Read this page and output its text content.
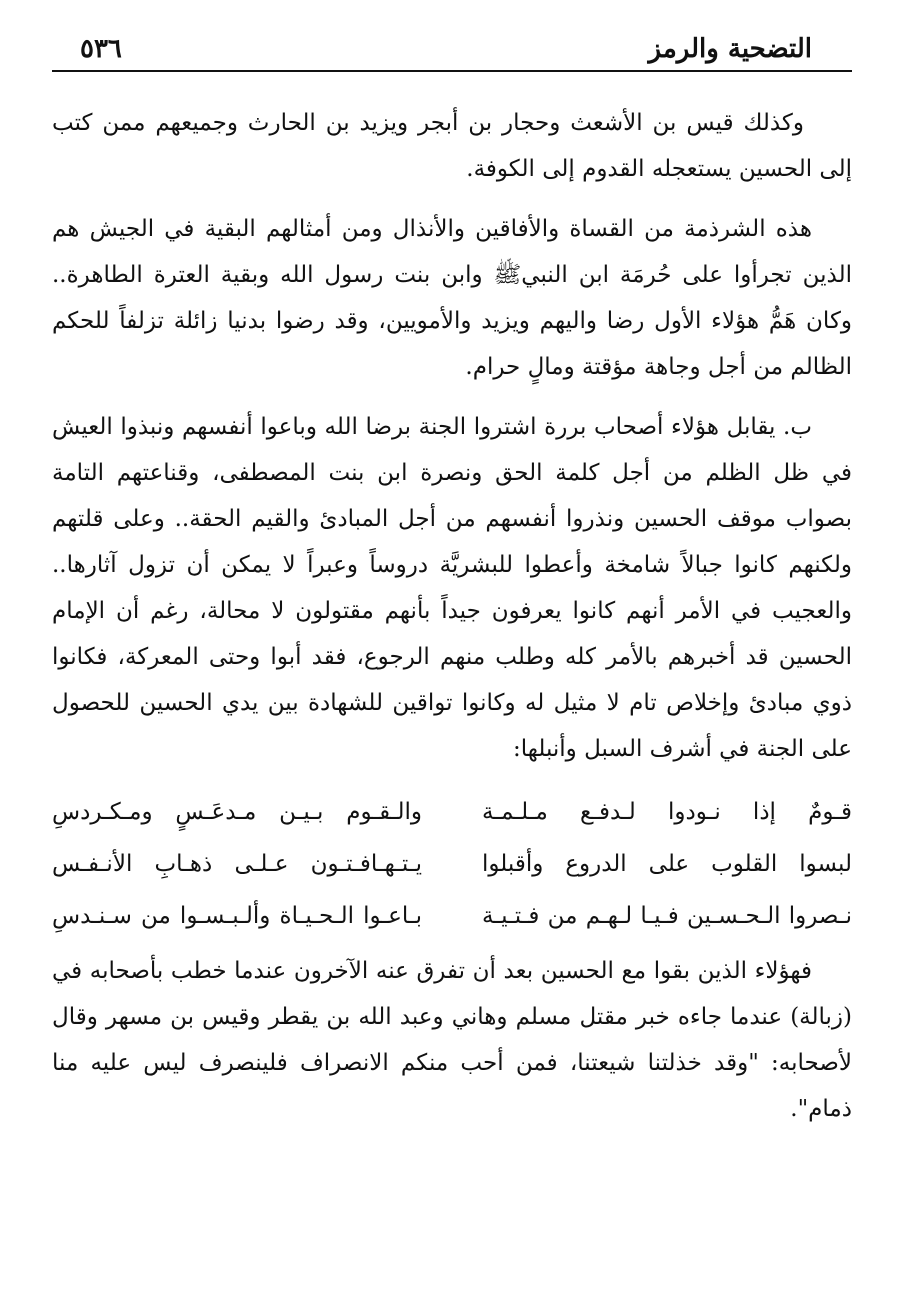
التضحية والرمز
٥٣٦

وكذلك قيس بن الأشعث وحجار بن أبجر ويزيد بن الحارث وجميعهم ممن كتب إلى الحسين يستعجله القدوم إلى الكوفة.

هذه الشرذمة من القساة والأفاقين والأنذال ومن أمثالهم البقية في الجيش هم الذين تجرأوا على حُرمَة ابن النبيﷺ وابن بنت رسول الله وبقية العترة الطاهرة.. وكان هَمُّ هؤلاء الأول رضا واليهم ويزيد والأمويين، وقد رضوا بدنيا زائلة تزلفاً للحكم الظالم من أجل وجاهة مؤقتة ومالٍ حرام.

ب. يقابل هؤلاء أصحاب بررة اشتروا الجنة برضا الله وباعوا أنفسهم ونبذوا العيش في ظل الظلم من أجل كلمة الحق ونصرة ابن بنت المصطفى، وقناعتهم التامة بصواب موقف الحسين ونذروا أنفسهم من أجل المبادئ والقيم الحقة.. وعلى قلتهم ولكنهم كانوا جبالاً شامخة وأعطوا للبشريَّة دروساً وعبراً لا يمكن أن تزول آثارها.. والعجيب في الأمر أنهم كانوا يعرفون جيداً بأنهم مقتولون لا محالة، رغم أن الإمام الحسين قد أخبرهم بالأمر كله وطلب منهم الرجوع، فقد أبوا وحتى المعركة، فكانوا ذوي مبادئ وإخلاص تام لا مثيل له وكانوا تواقين للشهادة بين يدي الحسين للحصول على الجنة في أشرف السبل وأنبلها:

قـومٌ إذا نـودوا لـدفـع مـلـمـة
والـقـوم بـيـن مـدعَـسٍ ومـكـردسِ
لبسوا القلوب على الدروع وأقبلوا
يـتـهـافـتـون عـلـى ذهـابِ الأنـفـس
نـصروا الـحـسـين فـيـا لـهـم من فـتـيـة
بـاعـوا الـحـيـاة وألـبـسـوا من سـنـدسِ

فهؤلاء الذين بقوا مع الحسين بعد أن تفرق عنه الآخرون عندما خطب بأصحابه في (زبالة) عندما جاءه خبر مقتل مسلم وهاني وعبد الله بن يقطر وقيس بن مسهر وقال لأصحابه: "وقد خذلتنا شيعتنا، فمن أحب منكم الانصراف فلينصرف ليس عليه منا ذمام".
